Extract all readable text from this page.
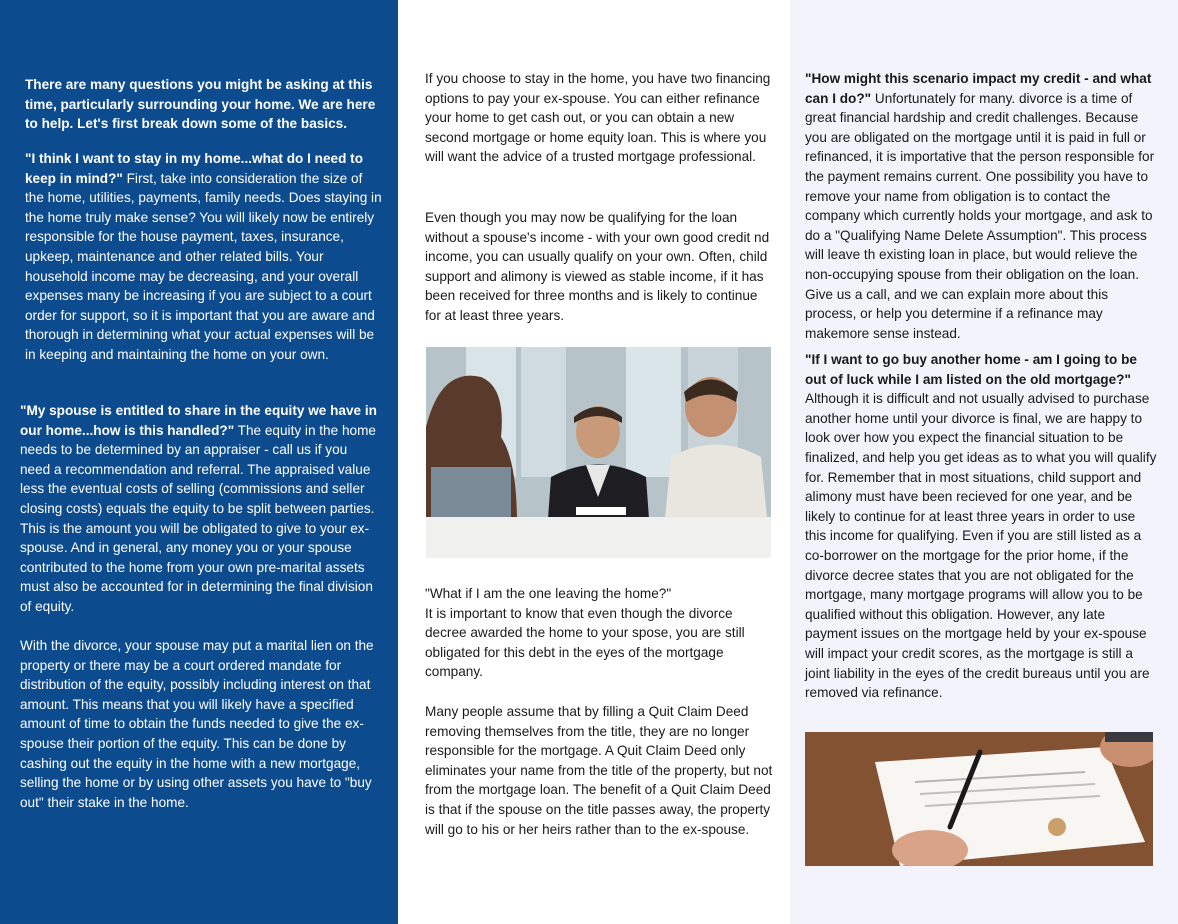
There are many questions you might be asking at this time, particularly surrounding your home. We are here to help. Let's first break down some of the basics.

"I think I want to stay in my home...what do I need to keep in mind?" First, take into consideration the size of the home, utilities, payments, family needs. Does staying in the home truly make sense? You will likely now be entirely responsible for the house payment, taxes, insurance, upkeep, maintenance and other related bills. Your household income may be decreasing, and your overall expenses many be increasing if you are subject to a court order for support, so it is important that you are aware and thorough in determining what your actual expenses will be in keeping and maintaining the home on your own.

"My spouse is entitled to share in the equity we have in our home...how is this handled?" The equity in the home needs to be determined by an appraiser - call us if you need a recommendation and referral. The appraised value less the eventual costs of selling (commissions and seller closing costs) equals the equity to be split between parties. This is the amount you will be obligated to give to your ex-spouse. And in general, any money you or your spouse contributed to the home from your own pre-marital assets must also be accounted for in determining the final division of equity.

With the divorce, your spouse may put a marital lien on the property or there may be a court ordered mandate for distribution of the equity, possibly including interest on that amount. This means that you will likely have a specified amount of time to obtain the funds needed to give the ex-spouse their portion of the equity. This can be done by cashing out the equity in the home with a new mortgage, selling the home or by using other assets you have to "buy out" their stake in the home.

If you choose to stay in the home, you have two financing options to pay your ex-spouse. You can either refinance your home to get cash out, or you can obtain a new second mortgage or home equity loan. This is where you will want the advice of a trusted mortgage professional.

Even though you may now be qualifying for the loan without a spouse's income - with your own good credit nd income, you can usually qualify on your own. Often, child support and alimony is viewed as stable income, if it has been received for three months and is likely to continue for at least three years.

"What if I am the one leaving the home?"
It is important to know that even though the divorce decree awarded the home to your spose, you are still obligated for this debt in the eyes of the mortgage company.

Many people assume that by filling a Quit Claim Deed removing themselves from the title, they are no longer responsible for the mortgage. A Quit Claim Deed only eliminates your name from the title of the property, but not from the mortgage loan. The benefit of a Quit Claim Deed is that if the spouse on the title passes away, the property will go to his or her heirs rather than to the ex-spouse.

"How might this scenario impact my credit - and what can I do?" Unfortunately for many. divorce is a time of great financial hardship and credit challenges. Because you are obligated on the mortgage until it is paid in full or refinanced, it is importative that the person responsible for the payment remains current. One possibility you have to remove your name from obligation is to contact the company which currently holds your mortgage, and ask to do a "Qualifying Name Delete Assumption". This process will leave th existing loan in place, but would relieve the non-occupying spouse from their obligation on the loan. Give us a call, and we can explain more about this process, or help you determine if a refinance may makemore sense instead.

"If I want to go buy another home - am I going to be out of luck while I am listed on the old mortgage?"
Although it is difficult and not usually advised to purchase another home until your divorce is final, we are happy to look over how you expect the financial situation to be finalized, and help you get ideas as to what you will qualify for. Remember that in most situations, child support and alimony must have been recieved for one year, and be likely to continue for at least three years in order to use this income for qualifying. Even if you are still listed as a co-borrower on the mortgage for the prior home, if the divorce decree states that you are not obligated for the mortgage, many mortgage programs will allow you to be qualified without this obligation. However, any late payment issues on the mortgage held by your ex-spouse will impact your credit scores, as the mortgage is still a joint liability in the eyes of the credit bureaus until you are removed via refinance.
